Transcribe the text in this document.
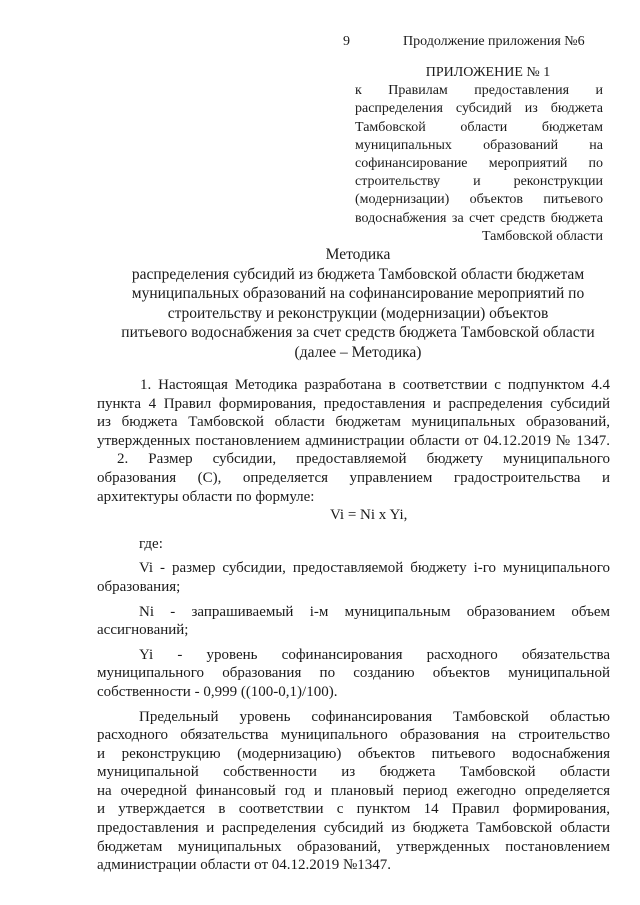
9	Продолжение приложения №6
ПРИЛОЖЕНИЕ № 1
к Правилам предоставления и
распределения субсидий из бюджета
Тамбовской области бюджетам
муниципальных образований на
софинансирование мероприятий по
строительству и реконструкции
(модернизации) объектов питьевого
водоснабжения за счет средств бюджета
Тамбовской области
Методика
распределения субсидий из бюджета Тамбовской области бюджетам
муниципальных образований на софинансирование мероприятий по
строительству и реконструкции (модернизации) объектов
питьевого водоснабжения за счет средств бюджета Тамбовской области
(далее – Методика)
1. Настоящая Методика разработана в соответствии с подпунктом 4.4
пункта 4 Правил формирования, предоставления и распределения субсидий
из бюджета Тамбовской области бюджетам муниципальных образований,
утвержденных постановлением администрации области от 04.12.2019 № 1347.
2. Размер субсидии, предоставляемой бюджету муниципального
образования (С), определяется управлением градостроительства и
архитектуры области по формуле:
Vi = Ni x Yi,
где:
Vi - размер субсидии, предоставляемой бюджету i-го муниципального
образования;
Ni - запрашиваемый i-м муниципальным образованием объем
ассигнований;
Yi - уровень софинансирования расходного обязательства
муниципального образования по созданию объектов муниципальной
собственности - 0,999 ((100-0,1)/100).
Предельный уровень софинансирования Тамбовской областью
расходного обязательства муниципального образования на строительство
и реконструкцию (модернизацию) объектов питьевого водоснабжения
муниципальной собственности из бюджета Тамбовской области
на очередной финансовый год и плановый период ежегодно определяется
и утверждается в соответствии с пунктом 14 Правил формирования,
предоставления и распределения субсидий из бюджета Тамбовской области
бюджетам муниципальных образований, утвержденных постановлением
администрации области от 04.12.2019 №1347.
